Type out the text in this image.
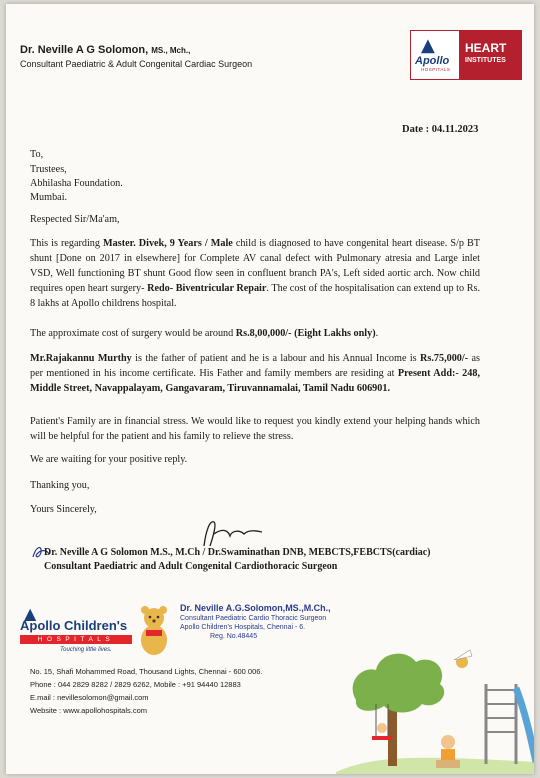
Dr. Neville A G Solomon, MS., Mch.,
Consultant Paediatric & Adult Congenital Cardiac Surgeon
▲
Apollo
HOSPITALS
HEART
INSTITUTES
Date : 04.11.2023
To,
Trustees,
Abhilasha Foundation.
Mumbai.
Respected Sir/Ma'am,
This is regarding Master. Divek, 9 Years / Male child is diagnosed to have congenital heart disease. S/p BT shunt [Done on 2017 in elsewhere] for Complete AV canal defect with Pulmonary atresia and Large inlet VSD, Well functioning BT shunt Good flow seen in confluent branch PA's, Left sided aortic arch. Now child requires open heart surgery- Redo- Biventricular Repair. The cost of the hospitalisation can extend up to Rs. 8 lakhs at Apollo childrens hospital.
The approximate cost of surgery would be around Rs.8,00,000/- (Eight Lakhs only).
Mr.Rajakannu Murthy is the father of patient and he is a labour and his Annual Income is Rs.75,000/- as per mentioned in his income certificate. His Father and family members are residing at Present Add:- 248, Middle Street, Navappalayam, Gangavaram, Tiruvannamalai, Tamil Nadu 606901.
Patient's Family are in financial stress. We would like to request you kindly extend your helping hands which will be helpful for the patient and his family to relieve the stress.
We are waiting for your positive reply.
Thanking you,
Yours Sincerely,
Dr. Neville A G Solomon M.S., M.Ch / Dr.Swaminathan DNB, MEBCTS,FEBCTS(cardiac)
Consultant Paediatric and Adult Congenital Cardiothoracic Surgeon
▲
Apollo Children's
HOSPITALS
Touching little lives.
Dr. Neville A.G.Solomon,MS.,M.Ch.,
Consultant Paediatric Cardio Thoracic Surgeon
Apollo Children's Hospitals, Chennai - 6.
Reg. No.48445
No. 15, Shafi Mohammed Road, Thousand Lights, Chennai - 600 006.
Phone : 044 2829 8282 / 2829 6262, Mobile : +91 94440 12883
E.mail : nevillesolomon@gmail.com
Website : www.apollohospitals.com
